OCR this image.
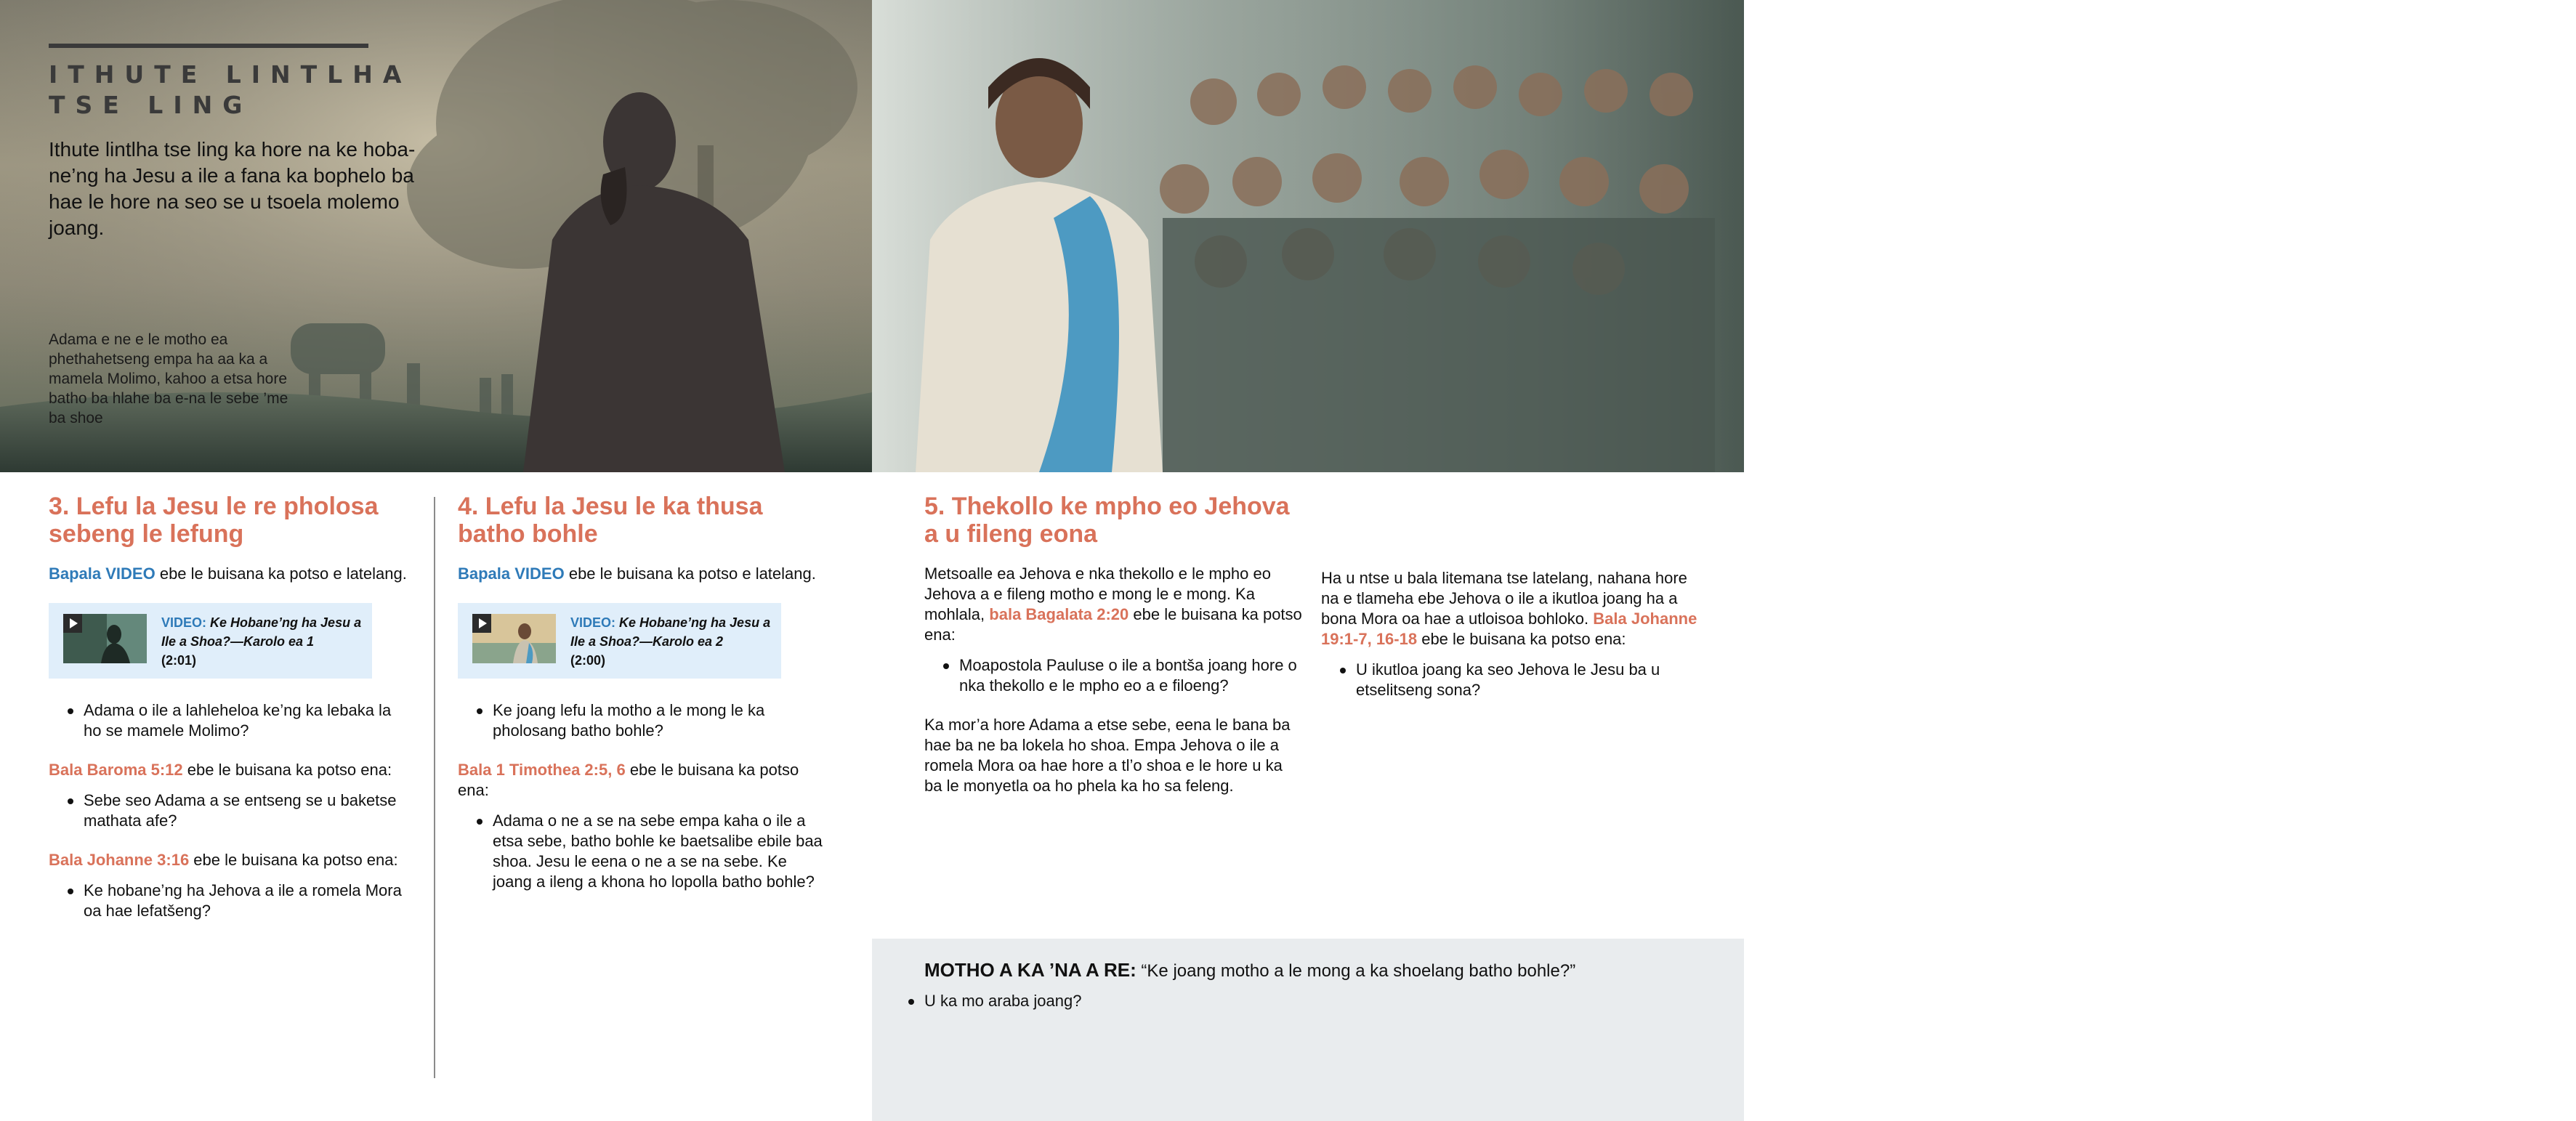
ITHUTE LINTLHA
TSE LING

Ithute lintlha tse ling ka hore na ke hobane’ng ha Jesu a ile a fana ka bophelo ba hae le hore na seo se u tsoela molemo joang.

Adama e ne e le motho ea phethahetseng empa ha aa ka a mamela Molimo, kahoo a etsa hore batho ba hlahe ba e-na le sebe ’me ba shoe

Jesu e ne e le motho ea phethahetseng ’me o ile a mamela Molimo, ka lebaka leo a bulela batho monyetla oa hore ba phethahale le ho phela ka ho sa feleng

3. Lefu la Jesu le re pholosa sebeng le lefung

Bapala VIDEO ebe le buisana ka potso e latelang.

VIDEO: Ke Hobane’ng ha Jesu a Ile a Shoa?—Karolo ea 1
(2:01)
Adama o ile a lahleheloa ke’ng ka lebaka la ho se mamele Molimo?

Bala Baroma 5:12 ebe le buisana ka potso ena:

Sebe seo Adama a se entseng se u baketse mathata afe?

Bala Johanne 3:16 ebe le buisana ka potso ena:

Ke hobane’ng ha Jehova a ile a romela Mora oa hae lefatšeng?
4. Lefu la Jesu le ka thusa batho bohle

Bapala VIDEO ebe le buisana ka potso e latelang.

VIDEO: Ke Hobane’ng ha Jesu a Ile a Shoa?—Karolo ea 2
(2:00)
Ke joang lefu la motho a le mong le ka pholosang batho bohle?

Bala 1 Timothea 2:5, 6 ebe le buisana ka potso ena:

Adama o ne a se na sebe empa kaha o ile a etsa sebe, batho bohle ke baetsalibe ebile baa shoa. Jesu le eena o ne a se na sebe. Ke joang a ileng a khona ho lopolla batho bohle?
5. Thekollo ke mpho eo Jehova a u fileng eona

Metsoalle ea Jehova e nka thekollo e le mpho eo Jehova a e fileng motho e mong le e mong. Ka mohlala, bala Bagalata 2:20 ebe le buisana ka potso ena:

Moapostola Pauluse o ile a bontša joang hore o nka thekollo e le mpho eo a e filoeng?

Ka mor’a hore Adama a etse sebe, eena le bana ba hae ba ne ba lokela ho shoa. Empa Jehova o ile a romela Mora oa hae hore a tl’o shoa e le hore u ka ba le monyetla oa ho phela ka ho sa feleng.

Ha u ntse u bala litemana tse latelang, nahana hore na e tlameha ebe Jehova o ile a ikutloa joang ha a bona Mora oa hae a utloisoa bohloko. Bala Johanne 19:1-7, 16-18 ebe le buisana ka potso ena:

U ikutloa joang ka seo Jehova le Jesu ba u etselitseng sona?

MOTHO A KA ’NA A RE: “Ke joang motho a le mong a ka shoelang batho bohle?”

U ka mo araba joang?
